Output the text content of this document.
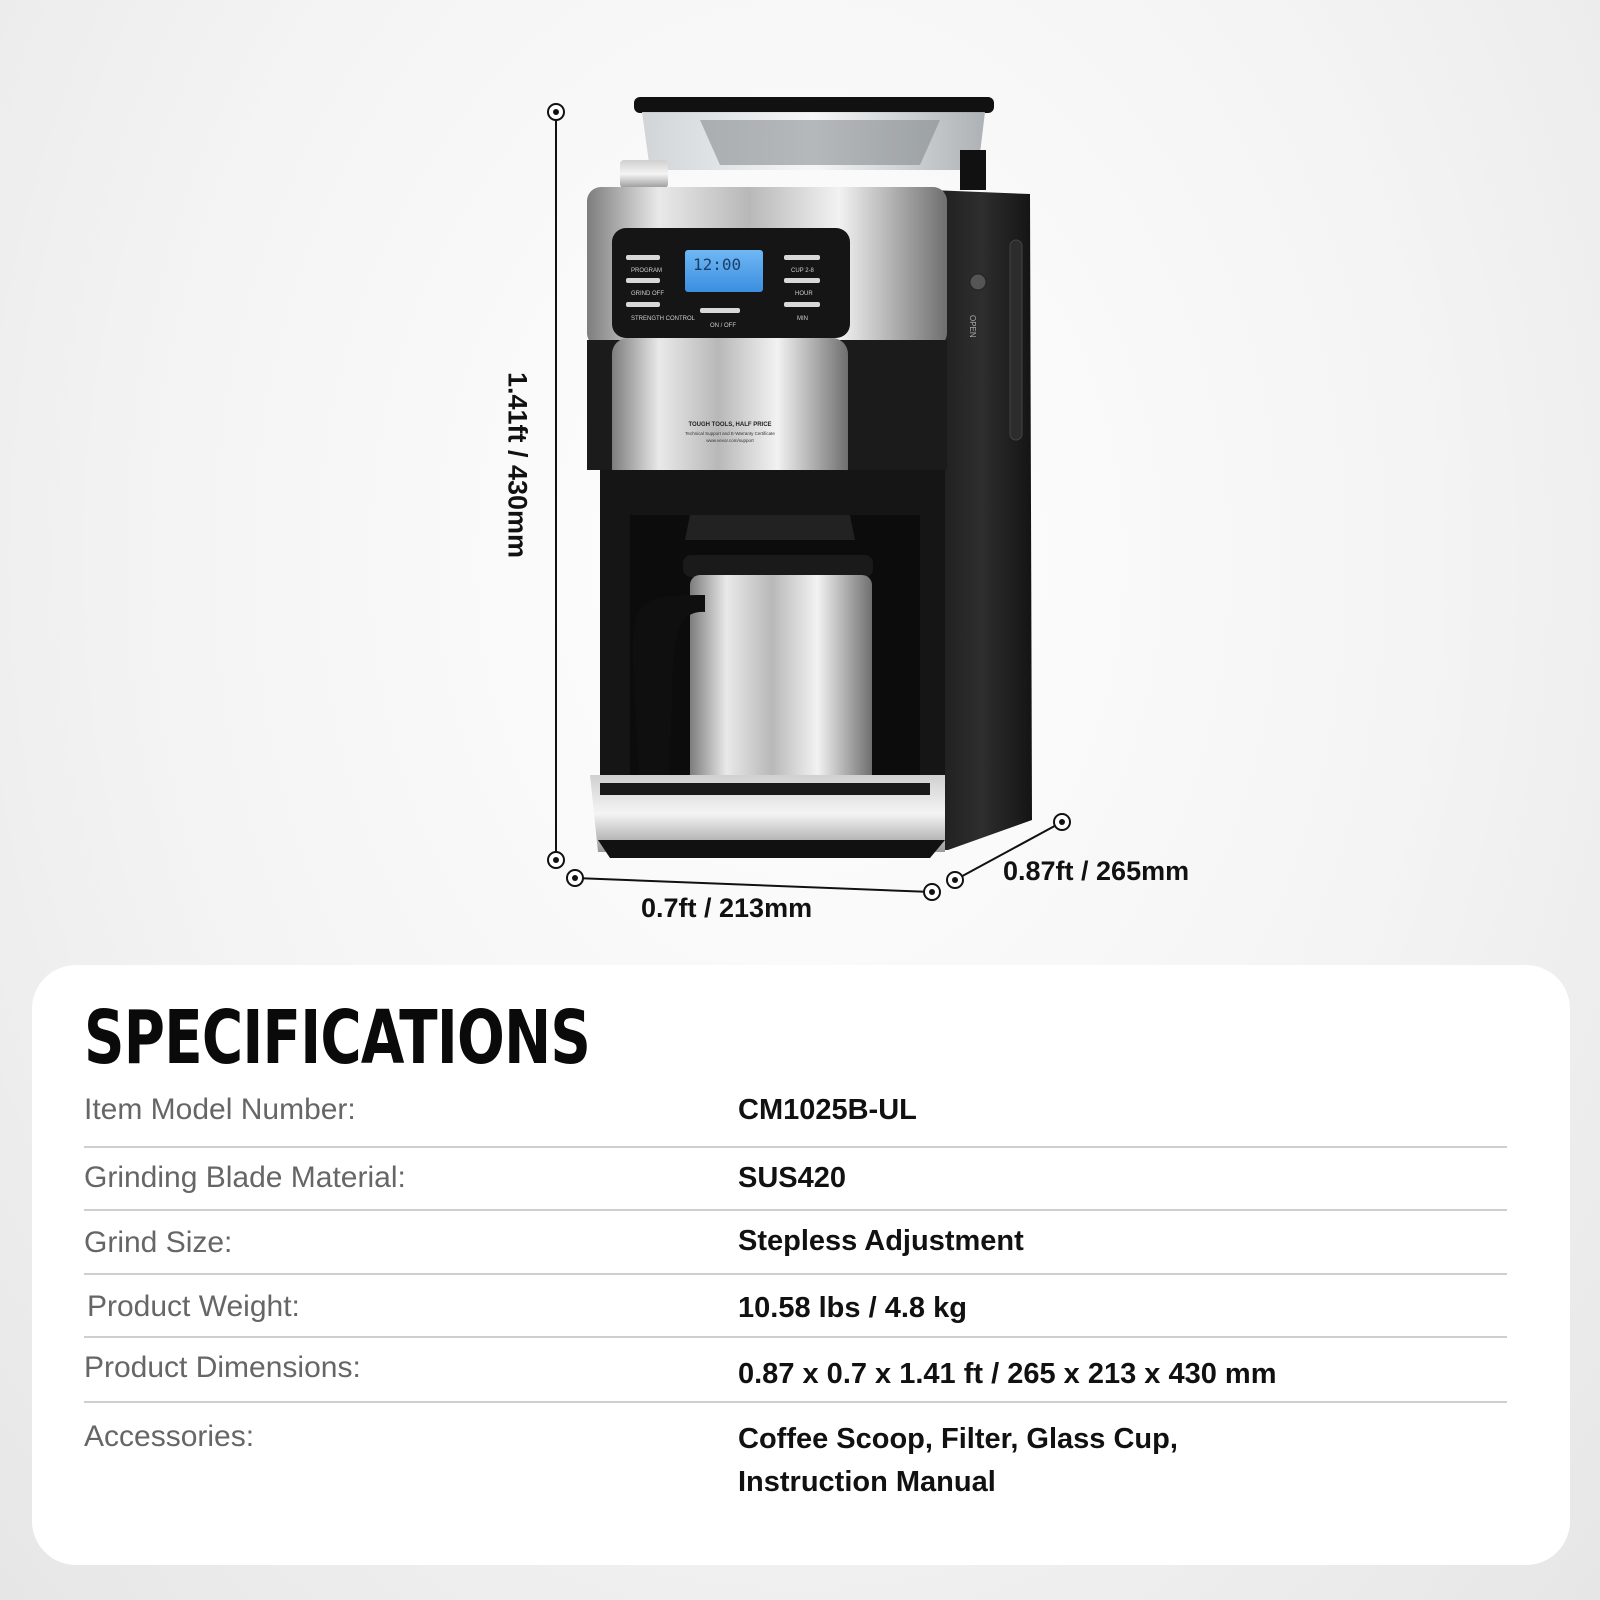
OPEN
12:00
PROGRAM
GRIND OFF
STRENGTH CONTROL
CUP 2-8
HOUR
MIN
ON / OFF
TOUGH TOOLS, HALF PRICE
Technical Support and E-Warranty Certificate
www.vevor.com/support
1.41ft / 430mm
0.7ft / 213mm
0.87ft / 265mm
SPECIFICATIONS
Item Model Number:	CM1025B-UL
Grinding Blade Material:	SUS420
Grind Size:	Stepless Adjustment
Product Weight:	10.58 lbs / 4.8 kg
Product Dimensions:	0.87 x 0.7 x 1.41 ft / 265 x 213 x 430 mm
Accessories:	Coffee Scoop, Filter, Glass Cup,
Instruction Manual
